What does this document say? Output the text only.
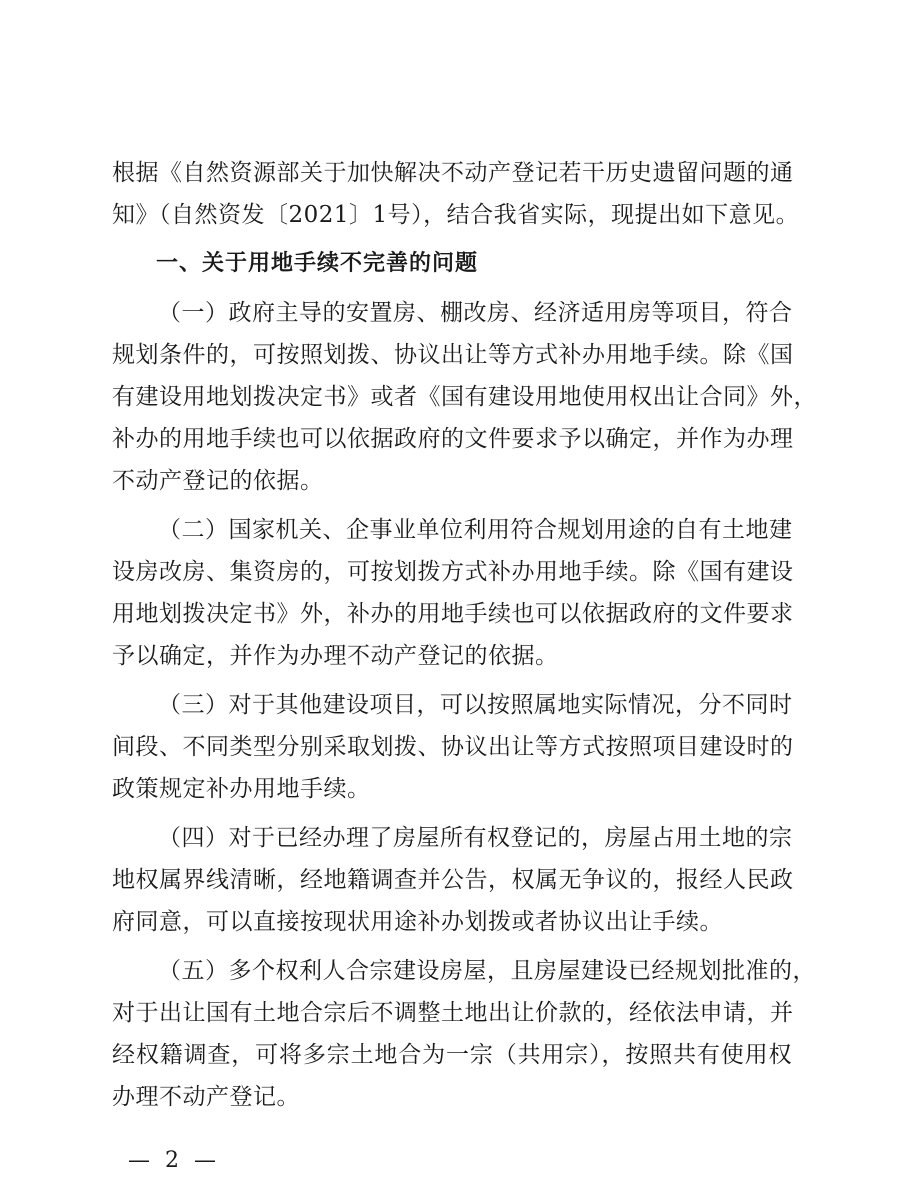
根据《自然资源部关于加快解决不动产登记若干历史遗留问题的通
知》（自然资发〔2021〕1号），结合我省实际，现提出如下意见。
一、关于用地手续不完善的问题
（一）政府主导的安置房、棚改房、经济适用房等项目，符合
规划条件的，可按照划拨、协议出让等方式补办用地手续。除《国
有建设用地划拨决定书》或者《国有建设用地使用权出让合同》外，
补办的用地手续也可以依据政府的文件要求予以确定，并作为办理
不动产登记的依据。
（二）国家机关、企事业单位利用符合规划用途的自有土地建
设房改房、集资房的，可按划拨方式补办用地手续。除《国有建设
用地划拨决定书》外，补办的用地手续也可以依据政府的文件要求
予以确定，并作为办理不动产登记的依据。
（三）对于其他建设项目，可以按照属地实际情况，分不同时
间段、不同类型分别采取划拨、协议出让等方式按照项目建设时的
政策规定补办用地手续。
（四）对于已经办理了房屋所有权登记的，房屋占用土地的宗
地权属界线清晰，经地籍调查并公告，权属无争议的，报经人民政
府同意，可以直接按现状用途补办划拨或者协议出让手续。
（五）多个权利人合宗建设房屋，且房屋建设已经规划批准的，
对于出让国有土地合宗后不调整土地出让价款的，经依法申请，并
经权籍调查，可将多宗土地合为一宗（共用宗），按照共有使用权
办理不动产登记。
— 2 —
